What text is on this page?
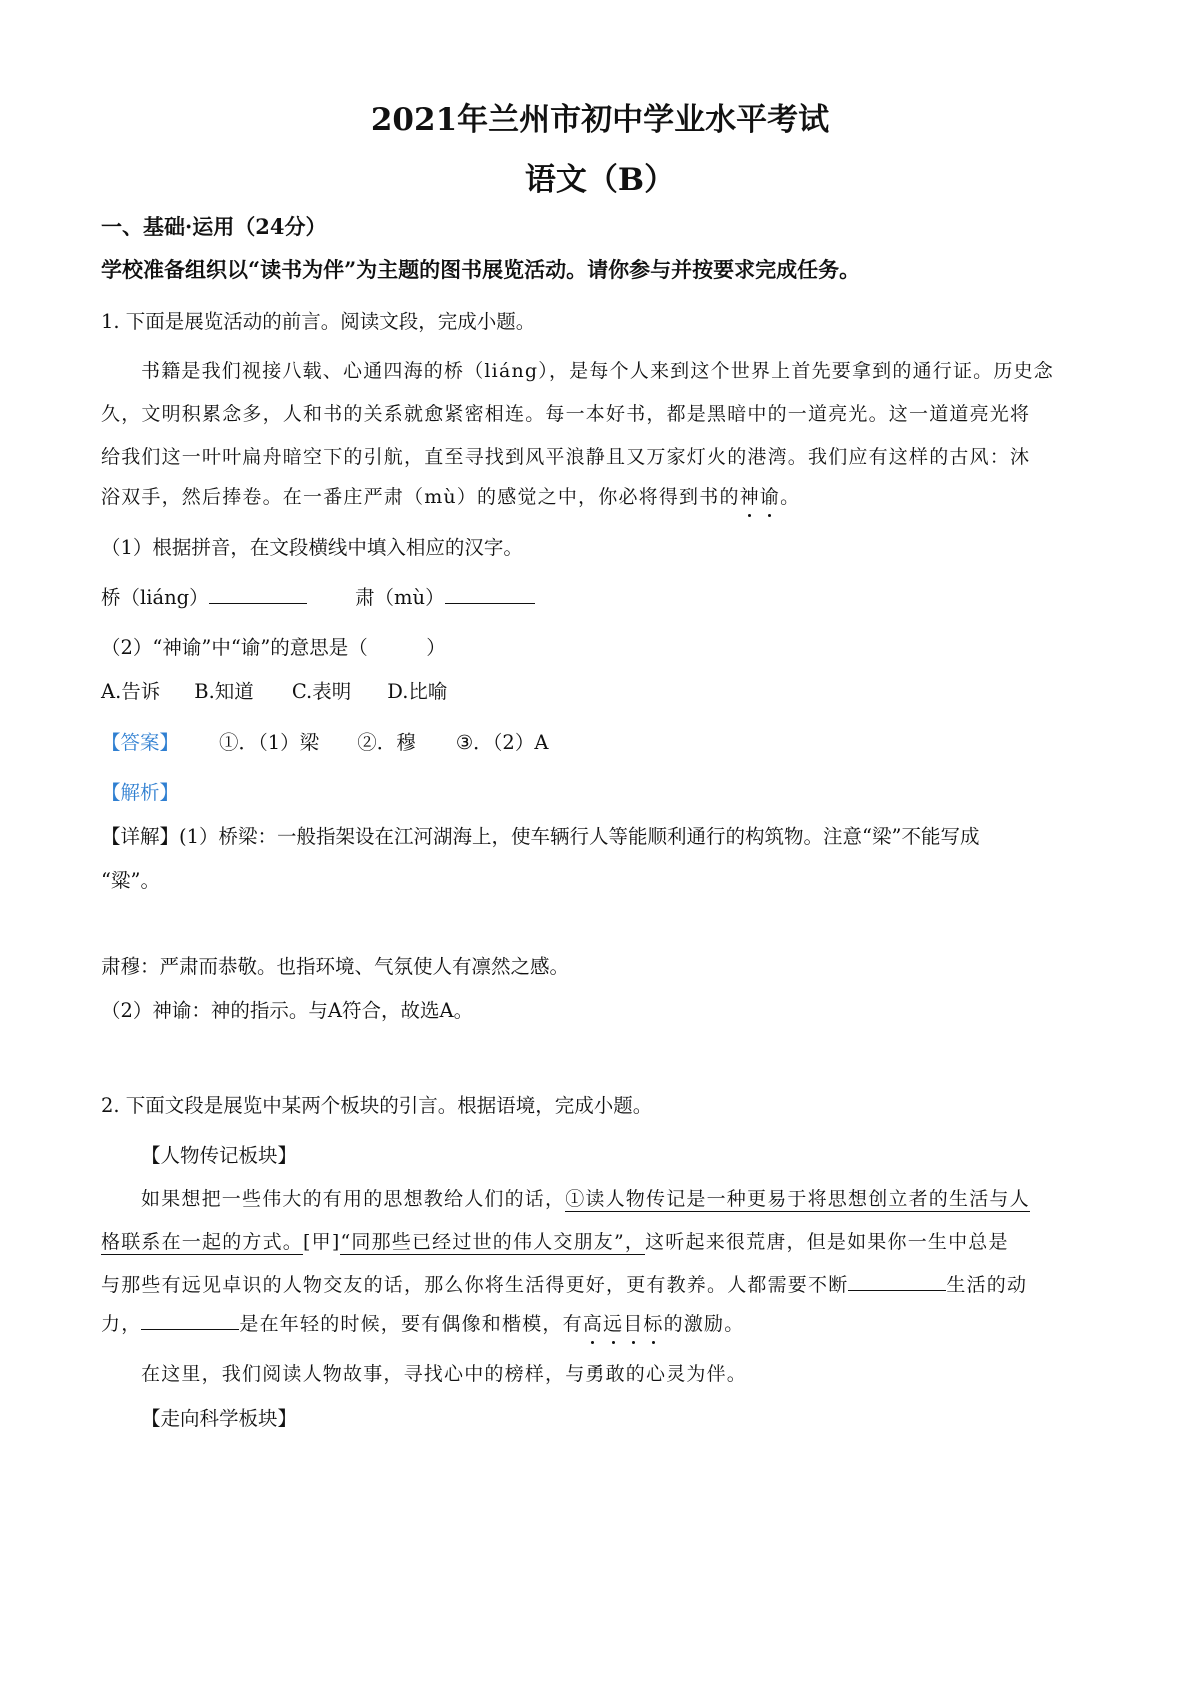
2021年兰州市初中学业水平考试
语文（B）
一、基础·运用（24分）
学校准备组织以“读书为伴”为主题的图书展览活动。请你参与并按要求完成任务。
1. 下面是展览活动的前言。阅读文段，完成小题。
书籍是我们视接八载、心通四海的桥（liáng），是每个人来到这个世界上首先要拿到的通行证。历史念
久，文明积累念多，人和书的关系就愈紧密相连。每一本好书，都是黑暗中的一道亮光。这一道道亮光将
给我们这一叶叶扁舟暗空下的引航，直至寻找到风平浪静且又万家灯火的港湾。我们应有这样的古风：沐
浴双手，然后捧卷。在一番庄严肃（mù）的感觉之中，你必将得到书的神谕。
（1）根据拼音，在文段横线中填入相应的汉字。
桥（liáng）	肃（mù）
（2）“神谕”中“谕”的意思是（　　　）
A.告诉 B.知道 C.表明 D.比喻
【答案】 ①．（1）梁 ②．穆 ③．（2）A
【解析】
【详解】(1）桥梁：一般指架设在江河湖海上，使车辆行人等能顺利通行的构筑物。注意“梁”不能写成
“粱”。
肃穆：严肃而恭敬。也指环境、气氛使人有凛然之感。
（2）神谕：神的指示。与A符合，故选A。
2. 下面文段是展览中某两个板块的引言。根据语境，完成小题。
【人物传记板块】
如果想把一些伟大的有用的思想教给人们的话，①读人物传记是一种更易于将思想创立者的生活与人
格联系在一起的方式。[甲]“同那些已经过世的伟人交朋友”，这听起来很荒唐，但是如果你一生中总是
与那些有远见卓识的人物交友的话，那么你将生活得更好，更有教养。人都需要不断	生活的动
力，	是在年轻的时候，要有偶像和楷模，有高远目标的激励。
在这里，我们阅读人物故事，寻找心中的榜样，与勇敢的心灵为伴。
【走向科学板块】
